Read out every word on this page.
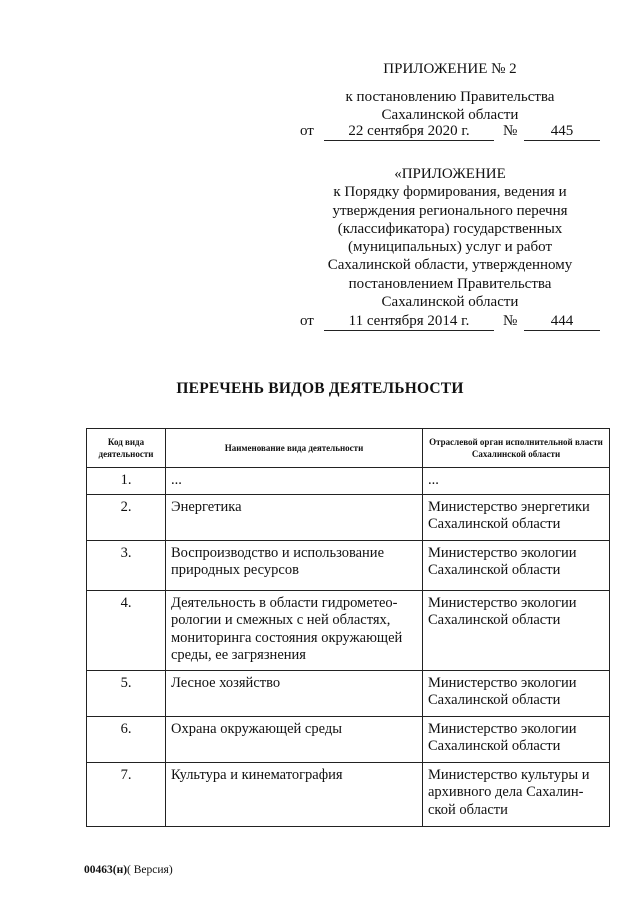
ПРИЛОЖЕНИЕ № 2
к постановлению Правительства
Сахалинской области
от	22 сентября 2020 г.	№	445
«ПРИЛОЖЕНИЕ
к Порядку формирования, ведения и
утверждения регионального перечня
(классификатора) государственных
(муниципальных) услуг и работ
Сахалинской области, утвержденному
постановлением Правительства
Сахалинской области
от	11 сентября 2014 г.	№	444
ПЕРЕЧЕНЬ ВИДОВ ДЕЯТЕЛЬНОСТИ
Код вида деятельности	Наименование вида деятельности	Отраслевой орган исполнительной власти Сахалинской области

1.	...	...

2.	Энергетика	Министерство энергетики Сахалинской области

3.	Воспроизводство и использование природных ресурсов	Министерство экологии Сахалинской области

4.	Деятельность в области гидрометео-рологии и смежных с ней областях, мониторинга состояния окружающей среды, ее загрязнения	Министерство экологии Сахалинской области

5.	Лесное хозяйство	Министерство экологии Сахалинской области

6.	Охрана окружающей среды	Министерство экологии Сахалинской области

7.	Культура и кинематография	Министерство культуры и архивного дела Сахалин-ской области
00463(н)( Версия)
